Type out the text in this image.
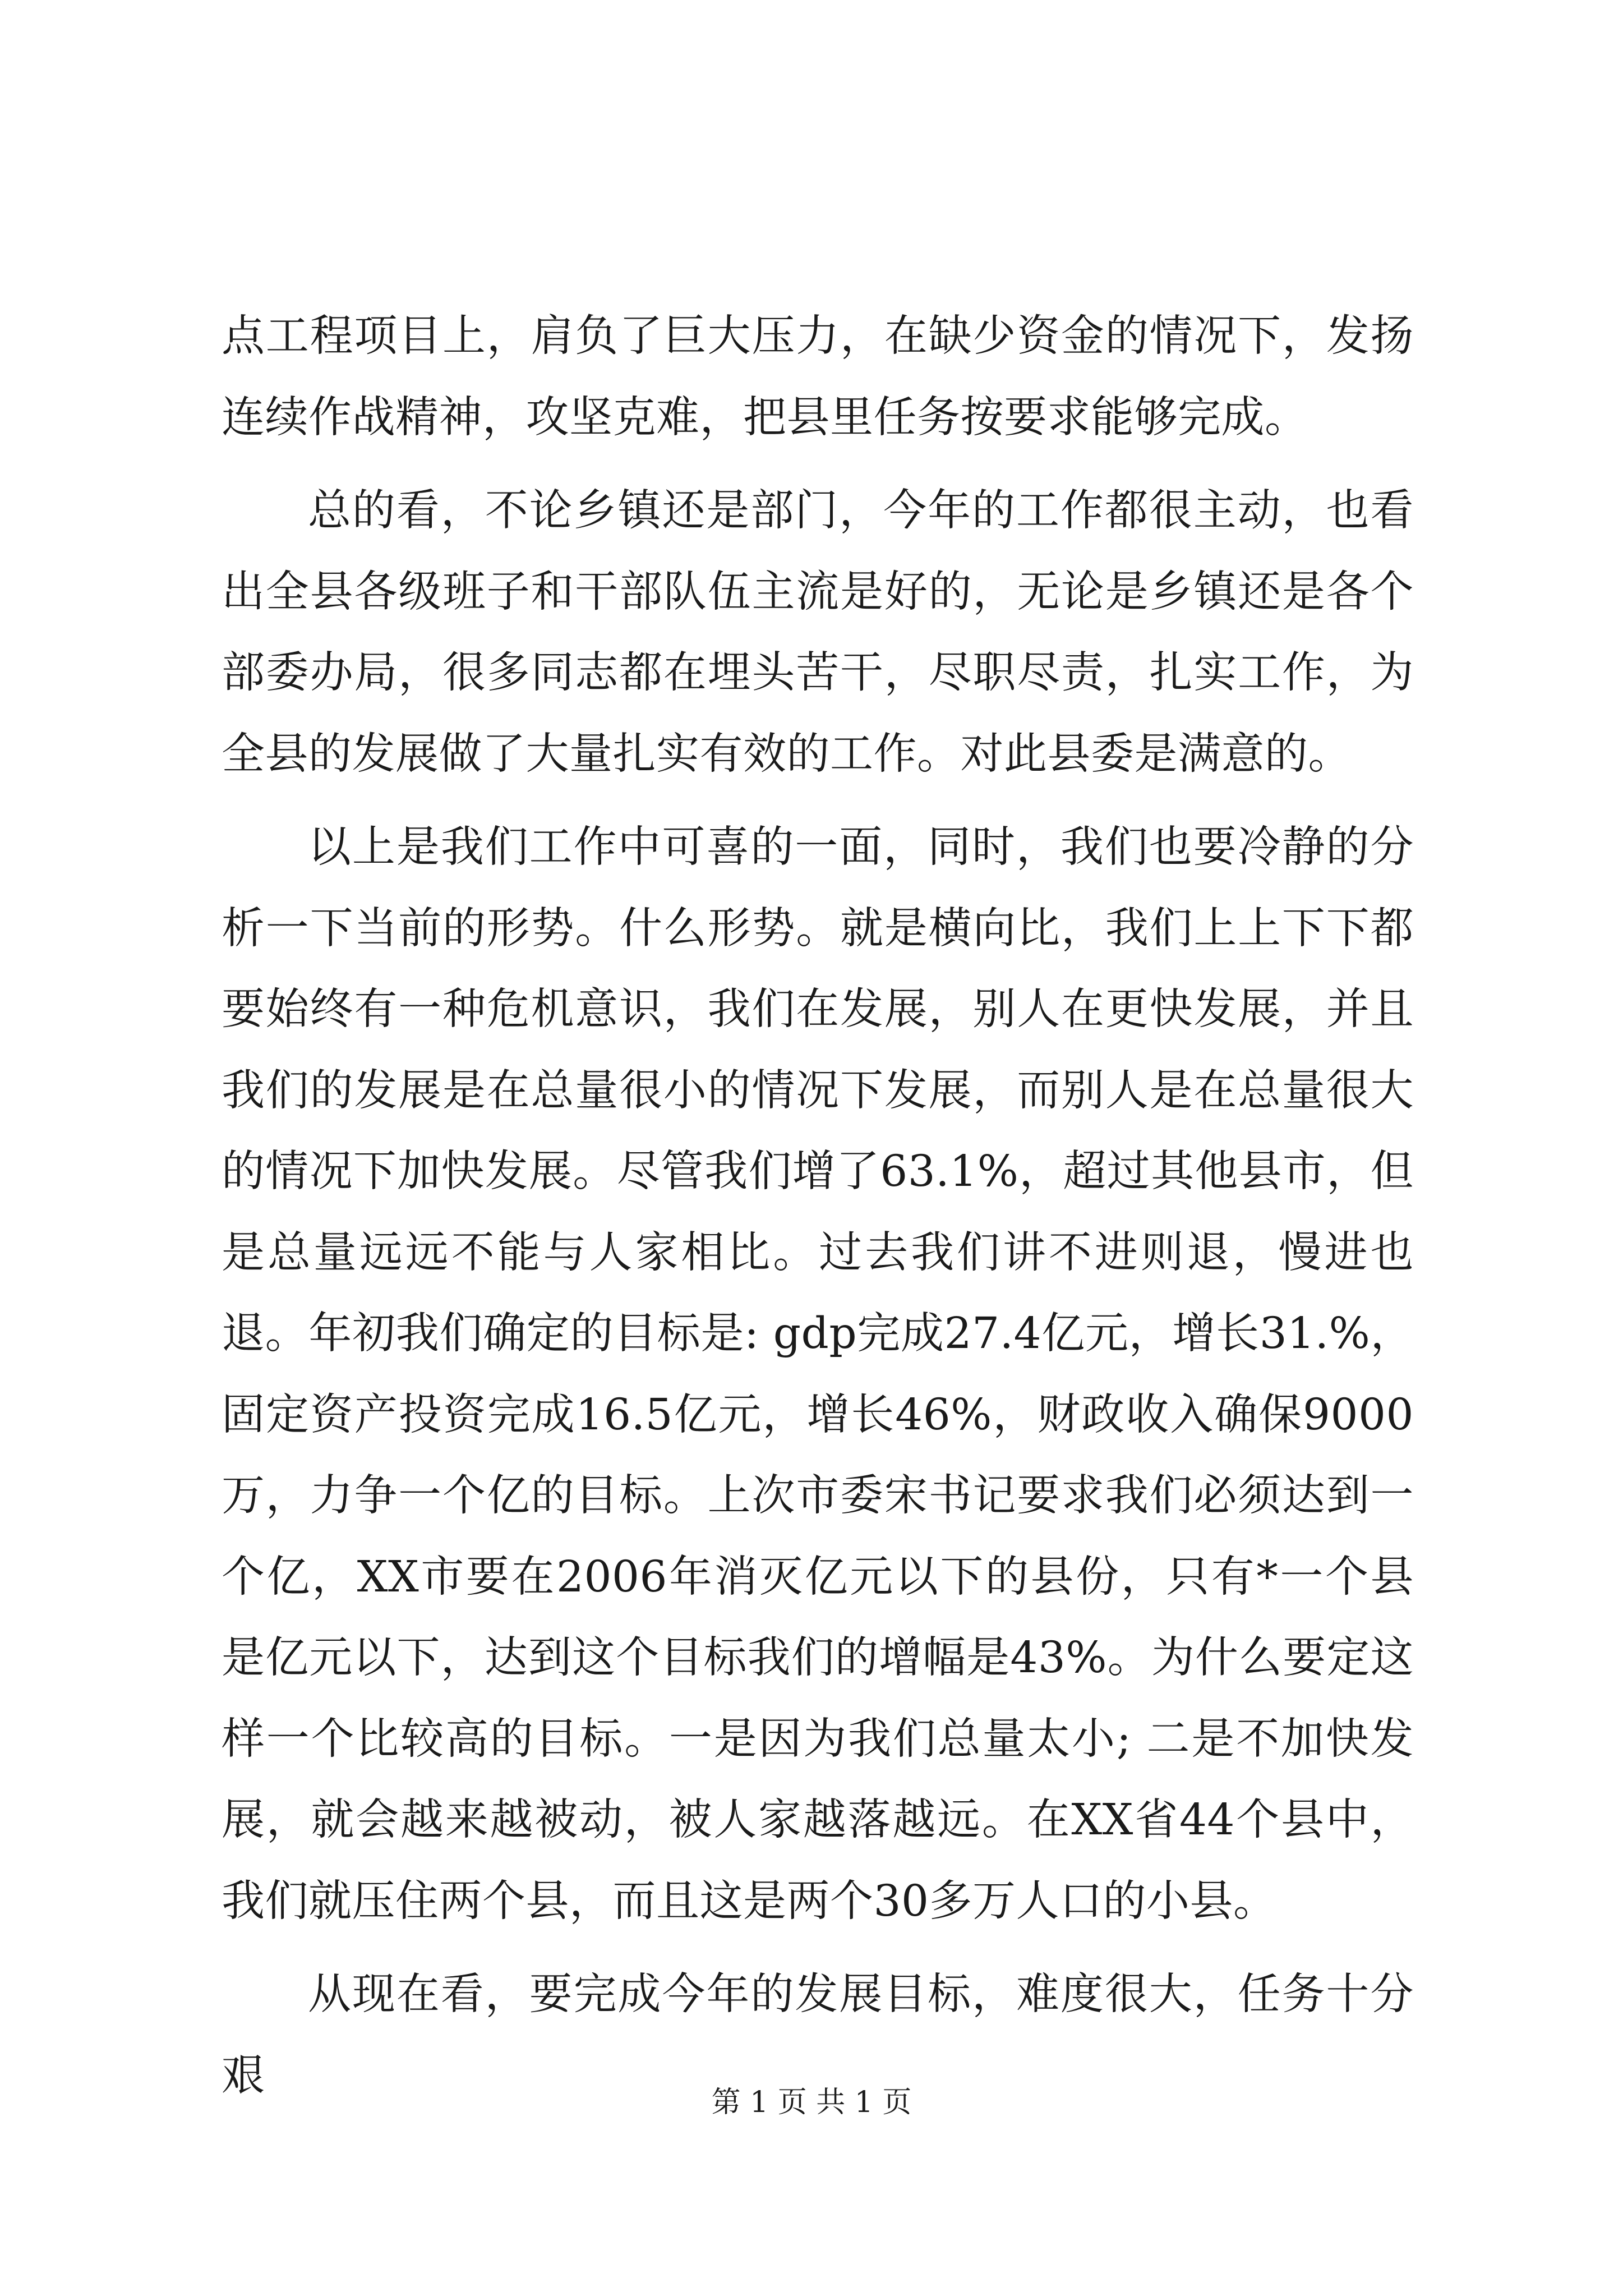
点工程项目上，肩负了巨大压力，在缺少资金的情况下，发扬连续作战精神，攻坚克难，把县里任务按要求能够完成。

总的看，不论乡镇还是部门，今年的工作都很主动，也看出全县各级班子和干部队伍主流是好的，无论是乡镇还是各个部委办局，很多同志都在埋头苦干，尽职尽责，扎实工作，为全县的发展做了大量扎实有效的工作。对此县委是满意的。

以上是我们工作中可喜的一面，同时，我们也要冷静的分析一下当前的形势。什么形势。就是横向比，我们上上下下都要始终有一种危机意识，我们在发展，别人在更快发展，并且我们的发展是在总量很小的情况下发展，而别人是在总量很大的情况下加快发展。尽管我们增了63.1%，超过其他县市，但是总量远远不能与人家相比。过去我们讲不进则退，慢进也退。年初我们确定的目标是: gdp完成27.4亿元，增长31.%，固定资产投资完成16.5亿元，增长46%，财政收入确保9000万，力争一个亿的目标。上次市委宋书记要求我们必须达到一个亿，XX市要在2006年消灭亿元以下的县份，只有*一个县是亿元以下，达到这个目标我们的增幅是43%。为什么要定这样一个比较高的目标。一是因为我们总量太小; 二是不加快发展，就会越来越被动，被人家越落越远。在XX省44个县中，我们就压住两个县，而且这是两个30多万人口的小县。

从现在看，要完成今年的发展目标，难度很大，任务十分艰

第 1 页 共 1 页
